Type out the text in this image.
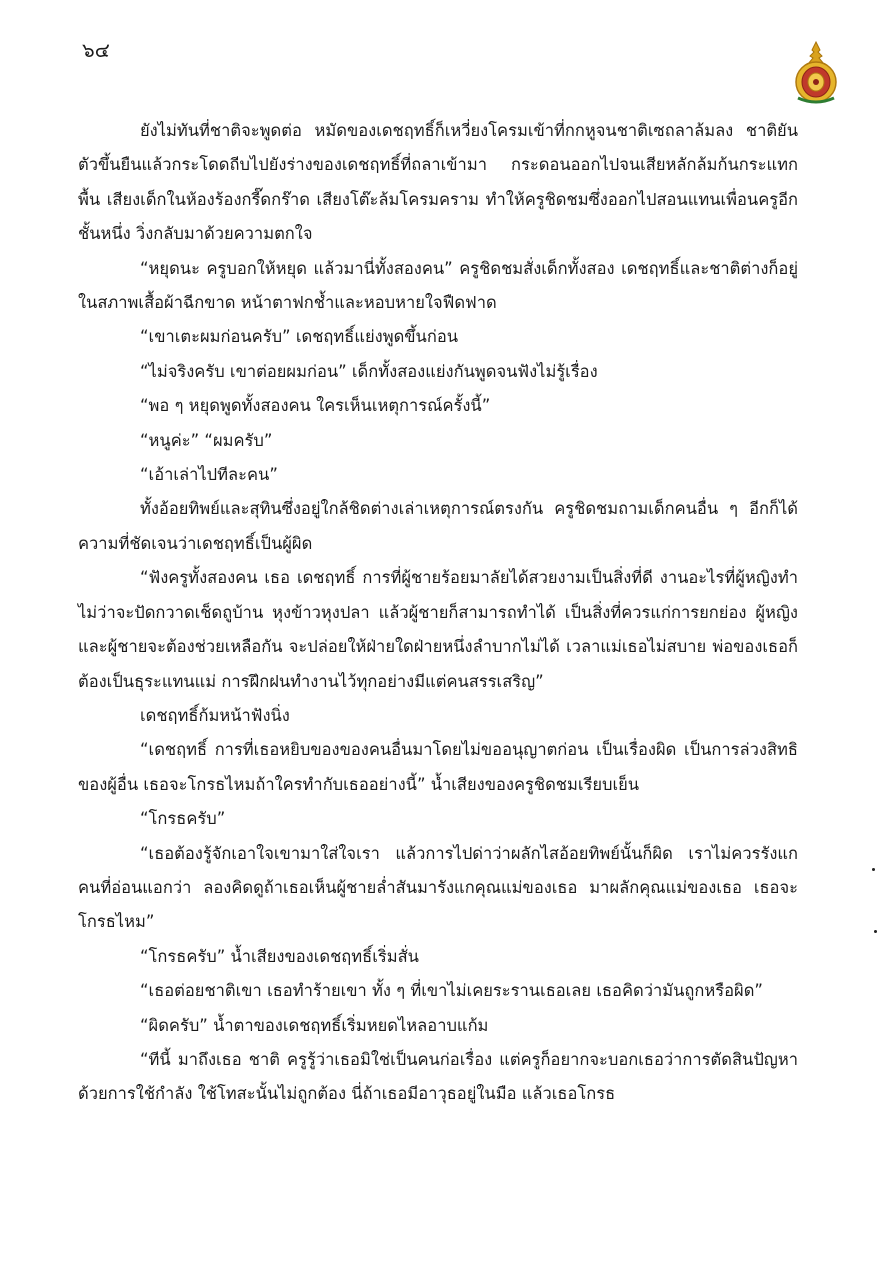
๖๔

ยังไม่ทันที่ชาติจะพูดต่อ หมัดของเดชฤทธิ์ก็เหวี่ยงโครมเข้าที่กกหูจนชาติเซถลาล้มลง ชาติยันตัวขึ้นยืนแล้วกระโดดถีบไปยังร่างของเดชฤทธิ์ที่ถลาเข้ามา กระดอนออกไปจนเสียหลักล้มก้นกระแทกพื้น เสียงเด็กในห้องร้องกรี๊ดกร๊าด เสียงโต๊ะล้มโครมคราม ทำให้ครูชิดชมซึ่งออกไปสอนแทนเพื่อนครูอีกชั้นหนึ่ง วิ่งกลับมาด้วยความตกใจ

“หยุดนะ ครูบอกให้หยุด แล้วมานี่ทั้งสองคน” ครูชิดชมสั่งเด็กทั้งสอง เดชฤทธิ์และชาติต่างก็อยู่ในสภาพเสื้อผ้าฉีกขาด หน้าตาฟกช้ำและหอบหายใจฟืดฟาด

“เขาเตะผมก่อนครับ” เดชฤทธิ์แย่งพูดขึ้นก่อน

“ไม่จริงครับ เขาต่อยผมก่อน” เด็กทั้งสองแย่งกันพูดจนฟังไม่รู้เรื่อง

“พอ ๆ หยุดพูดทั้งสองคน ใครเห็นเหตุการณ์ครั้งนี้”

“หนูค่ะ” “ผมครับ”

“เอ้าเล่าไปทีละคน”

ทั้งอ้อยทิพย์และสุทินซึ่งอยู่ใกล้ชิดต่างเล่าเหตุการณ์ตรงกัน ครูชิดชมถามเด็กคนอื่น ๆ อีกก็ได้ความที่ชัดเจนว่าเดชฤทธิ์เป็นผู้ผิด

“ฟังครูทั้งสองคน เธอ เดชฤทธิ์ การที่ผู้ชายร้อยมาลัยได้สวยงามเป็นสิ่งที่ดี งานอะไรที่ผู้หญิงทำ ไม่ว่าจะปัดกวาดเช็ดถูบ้าน หุงข้าวหุงปลา แล้วผู้ชายก็สามารถทำได้ เป็นสิ่งที่ควรแก่การยกย่อง ผู้หญิงและผู้ชายจะต้องช่วยเหลือกัน จะปล่อยให้ฝ่ายใดฝ่ายหนึ่งลำบากไม่ได้ เวลาแม่เธอไม่สบาย พ่อของเธอก็ต้องเป็นธุระแทนแม่ การฝึกฝนทำงานไว้ทุกอย่างมีแต่คนสรรเสริญ”

เดชฤทธิ์ก้มหน้าฟังนิ่ง

“เดชฤทธิ์ การที่เธอหยิบของของคนอื่นมาโดยไม่ขออนุญาตก่อน เป็นเรื่องผิด เป็นการล่วงสิทธิของผู้อื่น เธอจะโกรธไหมถ้าใครทำกับเธออย่างนี้” น้ำเสียงของครูชิดชมเรียบเย็น

“โกรธครับ”

“เธอต้องรู้จักเอาใจเขามาใส่ใจเรา แล้วการไปด่าว่าผลักไสอ้อยทิพย์นั้นก็ผิด เราไม่ควรรังแกคนที่อ่อนแอกว่า ลองคิดดูถ้าเธอเห็นผู้ชายล่ำสันมารังแกคุณแม่ของเธอ มาผลักคุณแม่ของเธอ เธอจะโกรธไหม”

“โกรธครับ” น้ำเสียงของเดชฤทธิ์เริ่มสั่น

“เธอต่อยชาติเขา เธอทำร้ายเขา ทั้ง ๆ ที่เขาไม่เคยระรานเธอเลย เธอคิดว่ามันถูกหรือผิด”

“ผิดครับ” น้ำตาของเดชฤทธิ์เริ่มหยดไหลอาบแก้ม

“ทีนี้ มาถึงเธอ ชาติ ครูรู้ว่าเธอมิใช่เป็นคนก่อเรื่อง แต่ครูก็อยากจะบอกเธอว่าการตัดสินปัญหาด้วยการใช้กำลัง ใช้โทสะนั้นไม่ถูกต้อง นี่ถ้าเธอมีอาวุธอยู่ในมือ แล้วเธอโกรธ
